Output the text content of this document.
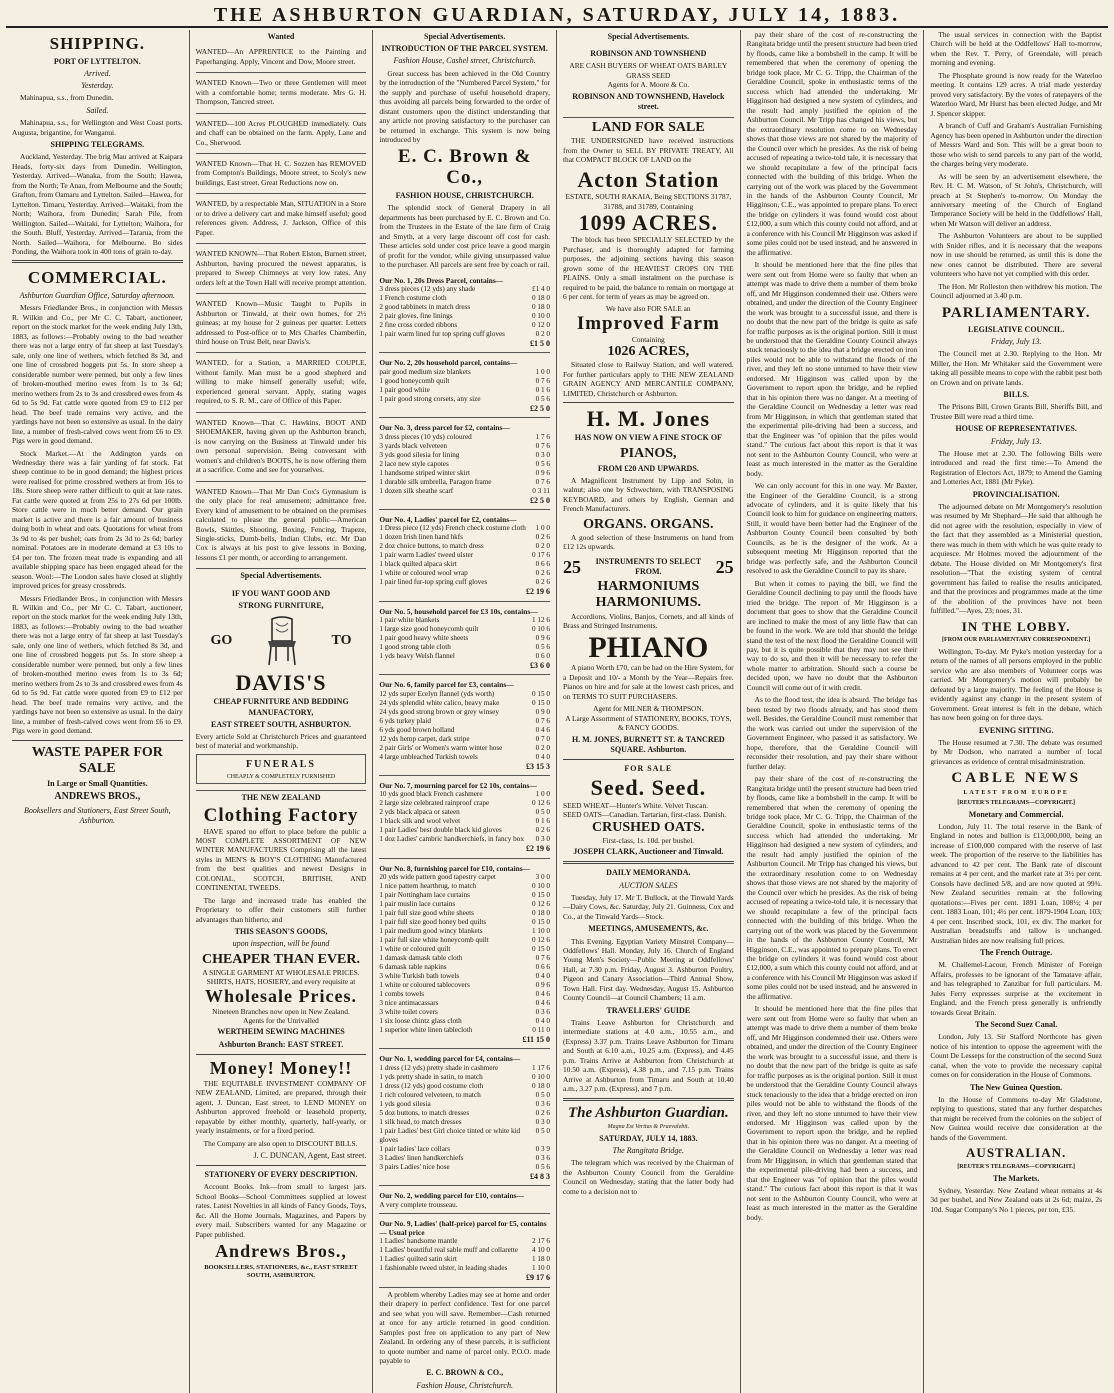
THE ASHBURTON GUARDIAN, SATURDAY, JULY 14, 1883.
SHIPPING.
PORT OF LYTTELTON.
Arrived.
Yesterday.

Mahinapua, s.s., from Dunedin.

Sailed.

Mahinapua, s.s., for Wellington and West Coast ports. Augusta, brigantine, for Wanganui.

SHIPPING TELEGRAMS.

Auckland, Yesterday. The brig Mau arrived at Kaipara Heads, forty-six days from Dunedin. Wellington, Yesterday. Arrived—Wanaka, from the South; Hawea, from the North; Te Anau, from Melbourne and the South; Grafton, from Oamaru and Lyttelton. Sailed—Hawea, for Lyttelton. Timaru, Yesterday. Arrived—Waitaki, from the North; Waihora, from Dunedin; Sarah Pile, from Wellington. Sailed—Waitaki, for Lyttelton; Waihora, for the South. Bluff, Yesterday. Arrived—Tararua, from the North. Sailed—Waihora, for Melbourne. Bo sides Ponding, the Waihora took in 400 tons of grain to-day.

COMMERCIAL.
Ashburton Guardian Office, Saturday afternoon.

Messrs Friedlander Bros., in conjunction with Messrs R. Wilkin and Co., per Mr C. C. Tabart, auctioneer, report on the stock market for the week ending July 13th, 1883, as follows:—Probably owing to the bad weather there was not a large entry of fat sheep at last Tuesday's sale, only one line of wethers, which fetched 8s 3d, and one line of crossbred hoggets put 5s. In store sheep a considerable number were penned, but only a few lines of broken-mouthed merino ewes from 1s to 3s 6d; merino wethers from 2s to 3s and crossbred ewes from 4s 6d to 5s 9d. Fat cattle were quoted from £9 to £12 per head. The beef trade remains very active, and the yardings have not been so extensive as usual. In the dairy line, a number of fresh-calved cows went from £6 to £9. Pigs were in good demand.

Stock Market.—At the Addington yards on Wednesday there was a fair yarding of fat stock. Fat sheep continue to be in good demand; the highest prices were realised for prime crossbred wethers at from 16s to 18s. Store sheep were rather difficult to quit at late rates. Fat cattle were quoted at from 25s to 27s 6d per 100lb. Store cattle were in much better demand. Our grain market is active and there is a fair amount of business doing both in wheat and oats. Quotations for wheat from 3s 9d to 4s per bushel; oats from 2s 3d to 2s 6d; barley nominal. Potatoes are in moderate demand at £3 10s to £4 per ton. The frozen meat trade is expanding and all available shipping space has been engaged ahead for the season. Wool:—The London sales have closed at slightly improved prices for greasy crossbreds.

Messrs Friedlander Bros., in conjunction with Messrs R. Wilkin and Co., per Mr C. C. Tabart, auctioneer, report on the stock market for the week ending July 13th, 1883, as follows:—Probably owing to the bad weather there was not a large entry of fat sheep at last Tuesday's sale, only one line of wethers, which fetched 8s 3d, and one line of crossbred hoggets put 5s. In store sheep a considerable number were penned, but only a few lines of broken-mouthed merino ewes from 1s to 3s 6d; merino wethers from 2s to 3s and crossbred ewes from 4s 6d to 5s 9d. Fat cattle were quoted from £9 to £12 per head. The beef trade remains very active, and the yardings have not been so extensive as usual. In the dairy line, a number of fresh-calved cows went from £6 to £9. Pigs were in good demand.

WASTE PAPER FOR SALE
In Large or Small Quantities.
ANDREWS BROS.,
Booksellers and Stationers, East Street South, Ashburton.
Wanted

WANTED—An APPRENTICE to the Painting and Paperhanging. Apply, Vincent and Dow, Moore street.

WANTED Known—Two or three Gentlemen will meet with a comfortable home; terms moderate. Mrs G. H. Thompson, Tancred street.

WANTED—100 Acres PLOUGHED immediately. Oats and chaff can be obtained on the farm. Apply, Lane and Co., Sherwood.

WANTED Known—That H. C. Sozzen has REMOVED from Compton's Buildings, Moore street, to Scoly's new buildings, East street. Great Reductions now on.

WANTED, by a respectable Man, SITUATION in a Store or to drive a delivery cart and make himself useful; good references given. Address, J. Jackson, Office of this Paper.

WANTED KNOWN—That Robert Elston, Burnett street, Ashburton, having procured the newest apparatus, is prepared to Sweep Chimneys at very low rates. Any orders left at the Town Hall will receive prompt attention.

WANTED Known—Music Taught to Pupils in Ashburton or Tinwald, at their own homes, for 2½ guineas; at my house for 2 guineas per quarter. Letters addressed to Post-office or to Mrs Charles Chamberlin, third house on Trust Belt, near Davis's.

WANTED, for a Station, a MARRIED COUPLE, without family. Man must be a good shepherd and willing to make himself generally useful; wife, experienced general servant. Apply, stating wages required, to S. R. M., care of Office of this Paper.

WANTED Known—That C. Hawkins, BOOT AND SHOEMAKER, having given up the Ashburton branch, is now carrying on the Business at Tinwald under his own personal supervision. Being conversant with women's and children's BOOTS, he is now offering them at a sacrifice. Come and see for yourselves.

WANTED Known—That Mr Dan Cox's Gymnasium is the only place for real amusement; admittance free. Every kind of amusement to be obtained on the premises calculated to please the general public—American Bowls, Skittles, Shooting, Boxing, Fencing, Trapeze, Single-sticks, Dumb-bells, Indian Clubs, etc. Mr Dan Cox is always at his post to give lessons in Boxing, lessons £1 per month, or according to arrangement.

Special Advertisements.
IF YOU WANT GOOD AND
STRONG FURNITURE,
GO	TO
DAVIS'S
CHEAP FURNITURE AND BEDDING MANUFACTORY,
EAST STREET SOUTH, ASHBURTON.

Every article Sold at Christchurch Prices and guaranteed best of material and workmanship.

FUNERALS
CHEAPLY & COMPLETELY FURNISHED
THE NEW ZEALAND
Clothing Factory

HAVE spared no effort to place before the public a MOST COMPLETE ASSORTMENT OF NEW WINTER MANUFACTURES Comprising all the latest styles in MEN'S & BOY'S CLOTHING Manufactured from the best qualities and newest Designs in COLONIAL, SCOTCH, BRITISH, AND CONTINENTAL TWEEDS.

The large and increased trade has enabled the Proprietary to offer their customers still further advantages than hitherto, and

THIS SEASON'S GOODS,
upon inspection, will be found
CHEAPER THAN EVER.
A SINGLE GARMENT AT WHOLESALE PRICES. SHIRTS, HATS, HOSIERY, and every requisite at
Wholesale Prices.
Nineteen Branches now open in New Zealand.
Agents for the Unrivalled
WERTHEIM SEWING MACHINES
Ashburton Branch: EAST STREET.
Money! Money!!

THE EQUITABLE INVESTMENT COMPANY OF NEW ZEALAND, Limited, are prepared, through their agent, J. Duncan, East street, to LEND MONEY on Ashburton approved freehold or leasehold property, repayable by either monthly, quarterly, half-yearly, or yearly instalments, or for a fixed period.

The Company are also open to DISCOUNT BILLS.

J. C. DUNCAN, Agent, East street.
STATIONERY OF EVERY DESCRIPTION.

Account Books. Ink—from small to largest jars. School Books—School Committees supplied at lowest rates. Latest Novelties in all kinds of Fancy Goods, Toys, &c. All the Home Journals, Magazines, and Papers by every mail. Subscribers wanted for any Magazine or Paper published.

Andrews Bros.,
BOOKSELLERS, STATIONERS, &c., EAST STREET SOUTH, ASHBURTON.
Special Advertisements.
INTRODUCTION OF THE PARCEL SYSTEM.
Fashion House, Cashel street, Christchurch.

Great success has been achieved in the Old Country by the introduction of the "Numbered Parcel System," for the supply and purchase of useful household drapery, thus avoiding all parcels being forwarded to the order of distant customers upon the distinct understanding that any article not proving satisfactory to the purchaser can be returned in exchange. This system is now being introduced by

E. C. Brown & Co.,
FASHION HOUSE, CHRISTCHURCH.

The splendid stock of General Drapery in all departments has been purchased by E. C. Brown and Co. from the Trustees in the Estate of the late firm of Craig and Smyth, at a very large discount off cost for cash. These articles sold under cost price leave a good margin of profit for the vendor, while giving unsurpassed value to the purchaser. All parcels are sent free by coach or rail.

Our No. 1, 20s Dress Parcel, contains—
3 dress pieces (12 yds) any shade	£1 4 0
1 French costume cloth	0 18 0
2 good tabbinets in match dress	0 18 0
2 pair gloves, fine linings	0 10 0
2 fine cross corded ribbons	0 12 0
1 pair warm lined fur top spring cuff gloves	0 2 0
£1 5 0
Our No. 2, 20s household parcel, contains—
pair good medium size blankets	1 0 0
1 good honeycomb quilt	0 7 6
1 pair good white	0 1 6
1 pair good strong corsets, any size	0 5 6
£2 5 0
Our No. 3, dress parcel for £2, contains—
3 dress pieces (10 yds) coloured	1 7 6
3 yards black velveteen	0 7 6
3 yds good silesia for lining	0 3 0
2 lace new style capotes	0 5 6
1 handsome striped winter skirt	0 9 6
1 durable silk umbrella, Paragon frame	0 7 6
1 dozen silk sheathe scarf	0 3 11
£2 5 0
Our No. 4, Ladies' parcel for £2, contains—
1 Dress piece (12 yds) French check costume cloth 1 0 0
1 dozen Irish linen hand hkfs	0 2 6
2 doz choice buttons, to match dress	0 2 0
1 pair warm Ladies' tweed ulster	0 17 6
1 black quilted alpaca skirt	0 6 6
1 white or coloured wool wrap	0 2 6
1 pair lined fur-top spring cuff gloves	0 2 6
£2 19 6
Our No. 5, household parcel for £3 10s, contains—
1 pair white blankets	1 12 6
1 large size good honeycomb quilt	0 10 6
1 pair good heavy white sheets	0 9 6
1 good strong table cloth	0 5 6
1 yds heavy Welsh flannel	0 6 0
£3 6 0
Our No. 6, family parcel for £3, contains—
12 yds super Ecelyn flannel (yds worth)	0 15 0
24 yds splendid white calico, heavy make	0 15 0
24 yds good strong brown or grey winsey	0 9 0
6 yds turkey plaid	0 7 6
6 yds good brown holland	0 4 6
12 yds hemp carpet, dark stripe	0 7 0
2 pair Girls' or Women's warm winter hose	0 2 0
4 large unbleached Turkish towels	0 4 0
£3 15 3
Our No. 7, mourning parcel for £2 10s, contains—
10 yds good black French cashmere	1 0 0
2 large size celebrated rainproof crape	0 12 6
2 yds black alpaca or sateen	0 5 0
1 black silk and wool velvet	0 1 6
1 pair Ladies' best double black kid gloves	0 2 6
1 doz Ladies' cambric handkerchiefs, in fancy box 0 3 0
£2 19 6
Our No. 8, furnishing parcel for £10, contains—
20 yds wide pattern good tapestry carpet	3 0 0
1 nice pattern hearthrug, to match	0 10 0
1 pair Nottingham lace curtains	0 15 0
1 pair muslin lace curtains	0 12 6
1 pair full size good white sheets	0 18 0
1 pair full size good honey bed quilts	0 15 0
1 pair medium good wincy blankets	1 10 0
1 pair full size white honeycomb quilt	0 12 6
1 white or coloured quilt	0 15 0
1 damask damask table cloth	0 7 6
6 damask table napkins	0 6 6
3 white Turkish bath towels	0 4 0
1 white or coloured tablecovers	0 9 6
1 combs towels	0 4 6
3 nice antimacassars	0 4 6
3 white toilet covers	0 3 6
1 six loose chintz glass cloth	0 4 0
1 superior white linen tablecloth	0 11 0
£11 15 0
Our No. 1, wedding parcel for £4, contains—
1 dress (12 yds) pretty shade in cashmere	1 17 6
1 yds pretty shade in satin, to match	0 10 0
1 dress (12 yds) good costume cloth	0 18 0
1 rich coloured velveteen, to match	0 5 0
1 yds good silesia	0 3 6
5 doz buttons, to match dresses	0 2 6
1 silk head, to match dresses	0 3 0
1 pair Ladies' best Girl choice tinted or white kid gloves
0 5 0
1 pair ladies' lace collars	0 3 9
3 Ladies' linen handkerchiefs	0 3 6
3 pairs Ladies' nice hose	0 5 6
£4 8 3
Our No. 2, wedding parcel for £10, contains—
A very complete trousseau.
Our No. 9, Ladies' (half-price) parcel for £5, contains— Usual price
1 Ladies' handsome mantle	2 17 6
1 Ladies' beautiful real sable muff and collarette 4 10 0
1 Ladies' quilted satin skirt	1 18 0
1 fashionable tweed ulster, in leading shades	1 10 0
£9 17 6

A problem whereby Ladies may see at home and order their drapery in perfect confidence. Test for one parcel and see what you will save. Remember—Cash returned at once for any article returned in good condition. Samples post free on application to any part of New Zealand. In ordering any of these parcels, it is sufficient to quote number and name of parcel only. P.O.O. made payable to

E. C. BROWN & CO.,
Fashion House, Christchurch.
Special Advertisements.
ROBINSON AND TOWNSHEND
ARE CASH BUYERS OF WHEAT OATS BARLEY GRASS SEED
Agents for A. Moore & Co.
ROBINSON AND TOWNSHEND, Havelock street.
LAND FOR SALE

THE UNDERSIGNED have received instructions from the Owner to SELL BY PRIVATE TREATY, All that COMPACT BLOCK OF LAND on the

Acton Station
ESTATE, SOUTH RAKAIA, Being SECTIONS 31787, 31788, and 31789, Containing
1099 ACRES.

The block has been SPECIALLY SELECTED by the Purchaser, and is thoroughly adapted for farming purposes, the adjoining sections having this season grown some of the HEAVIEST CROPS ON THE PLAINS. Only a small instalment on the purchase is required to be paid, the balance to remain on mortgage at 6 per cent. for term of years as may be agreed on.

We have also FOR SALE an
Improved Farm
Containing
1026 ACRES,

Situated close to Railway Station, and well watered. For further particulars apply to THE NEW ZEALAND GRAIN AGENCY AND MERCANTILE COMPANY, LIMITED, Christchurch or Ashburton.

H. M. Jones
HAS NOW ON VIEW A FINE STOCK OF
PIANOS,
FROM £20 AND UPWARDS.

A Magnificent Instrument by Lipp and Sohn, in walnut; also one by Schwechten, with TRANSPOSING KEYBOARD, and others by English, German and French Manufacturers.

ORGANS. ORGANS.

A good selection of these Instruments on hand from £12 12s upwards.

25	INSTRUMENTS TO SELECT FROM.	25
HARMONIUMS HARMONIUMS.

Accordions, Violins, Banjos, Cornets, and all kinds of Brass and Stringed Instruments.

PHIANO

A piano Worth £70, can be had on the Hire System, for a Deposit and 10/- a Month by the Year—Repairs free. Pianos on hire and for sale at the lowest cash prices, and on TERMS TO SUIT PURCHASERS.

Agent for MILNER & THOMPSON.
A Large Assortment of STATIONERY, BOOKS, TOYS, & FANCY GOODS.
H. M. JONES, BURNETT ST. & TANCRED SQUARE. Ashburton.
FOR SALE
Seed. Seed.
SEED WHEAT—Hunter's White. Velvet Tuscan.
SEED OATS—Canadian. Tartarian, first-class. Danish.
CRUSHED OATS.
First-class, 1s. 10d. per bushel.
JOSEPH CLARK, Auctioneer and Tinwald.
DAILY MEMORANDA.
AUCTION SALES

Tuesday, July 17. Mr T. Bullock, at the Tinwald Yards—Dairy Cows, &c. Saturday, July 21. Guinness, Cox and Co., at the Tinwald Yards—Stock.

MEETINGS, AMUSEMENTS, &c.

This Evening. Egyptian Variety Minstrel Company—Oddfellows' Hall. Monday, July 16. Church of England Young Men's Society—Public Meeting at Oddfellows' Hall, at 7.30 p.m. Friday, August 3. Ashburton Poultry, Pigeon and Canary Association—Third Annual Show, Town Hall. First day. Wednesday, August 15. Ashburton County Council—at Council Chambers; 11 a.m.

TRAVELLERS' GUIDE

Trains Leave Ashburton for Christchurch and intermediate stations at 4.0 a.m., 10.55 a.m., and (Express) 3.37 p.m. Trains Leave Ashburton for Timaru and South at 6.10 a.m., 10.25 a.m. (Express), and 4.45 p.m. Trains Arrive at Ashburton from Christchurch at 10.50 a.m. (Express), 4.38 p.m., and 7.15 p.m. Trains Arrive at Ashburton from Timaru and South at 10.40 a.m., 3.27 p.m. (Express), and 7 p.m.

The Ashburton Guardian.
Magna Est Veritas & Praevalebit.
SATURDAY, JULY 14, 1883.
The Rangitata Bridge.

The telegram which was received by the Chairman of the Ashburton County Council from the Geraldine Council on Wednesday, stating that the latter body had come to a decision not to

pay their share of the cost of re-constructing the Rangitata bridge until the present structure had been tried by floods, came like a bombshell in the camp. It will be remembered that when the ceremony of opening the bridge took place, Mr C. G. Tripp, the Chairman of the Geraldine Council, spoke in enthusiastic terms of the success which had attended the undertaking. Mr Higginson had designed a new system of cylinders, and the result had amply justified the opinion of the Ashburton Council. Mr Tripp has changed his views, but the extraordinary resolution come to on Wednesday shows that those views are not shared by the majority of the Council over which he presides. As the risk of being accused of repeating a twice-told tale, it is necessary that we should recapitulate a few of the principal facts connected with the building of this bridge. When the carrying out of the work was placed by the Government in the hands of the Ashburton County Council, Mr Higginson, C.E., was appointed to prepare plans. To erect the bridge on cylinders it was found would cost about £12,000, a sum which this county could not afford, and at a conference with his Council Mr Higginson was asked if some piles could not be used instead, and he answered in the affirmative.

It should be mentioned here that the fine piles that were sent out from Home were so faulty that when an attempt was made to drive them a number of them broke off, and Mr Higginson condemned their use. Others were obtained, and under the direction of the County Engineer the work was brought to a successful issue, and there is no doubt that the new part of the bridge is quite as safe for traffic purposes as is the original portion. Still it must be understood that the Geraldine County Council always stuck tenaciously to the idea that a bridge erected on iron piles would not be able to withstand the floods of the river, and they left no stone unturned to have their view endorsed. Mr Higginson was called upon by the Government to report upon the bridge, and he replied that in his opinion there was no danger. At a meeting of the Geraldine Council on Wednesday a letter was read from Mr Higginson, in which that gentleman stated that the experimental pile-driving had been a success, and that the Engineer was "of opinion that the piles would stand." The curious fact about this report is that it was not sent to the Ashburton County Council, who were at least as much interested in the matter as the Geraldine body.

We can only account for this in one way. Mr Baxter, the Engineer of the Geraldine Council, is a strong advocate of cylinders, and it is quite likely that his Council look to him for guidance on engineering matters. Still, it would have been better had the Engineer of the Ashburton County Council been consulted by both Councils, as he is the designer of the work. At a subsequent meeting Mr Higginson reported that the bridge was perfectly safe, and the Ashburton Council resolved to ask the Geraldine Council to pay its share.

But when it comes to paying the bill, we find the Geraldine Council declining to pay until the floods have tried the bridge. The report of Mr Higginson is a document that goes to show that the Geraldine Council are inclined to make the most of any little flaw that can be found in the work. We are told that should the bridge stand the test of the next flood the Geraldine Council will pay, but it is quite possible that they may not see their way to do so, and then it will be necessary to refer the whole matter to arbitration. Should such a course be decided upon, we have no doubt that the Ashburton Council will come out of it with credit.

As to the flood test, the idea is absurd. The bridge has been tested by two floods already, and has stood them well. Besides, the Geraldine Council must remember that the work was carried out under the supervision of the Government Engineer, who passed it as satisfactory. We hope, therefore, that the Geraldine Council will reconsider their resolution, and pay their share without further delay.

pay their share of the cost of re-constructing the Rangitata bridge until the present structure had been tried by floods, came like a bombshell in the camp. It will be remembered that when the ceremony of opening the bridge took place, Mr C. G. Tripp, the Chairman of the Geraldine Council, spoke in enthusiastic terms of the success which had attended the undertaking. Mr Higginson had designed a new system of cylinders, and the result had amply justified the opinion of the Ashburton Council. Mr Tripp has changed his views, but the extraordinary resolution come to on Wednesday shows that those views are not shared by the majority of the Council over which he presides. As the risk of being accused of repeating a twice-told tale, it is necessary that we should recapitulate a few of the principal facts connected with the building of this bridge. When the carrying out of the work was placed by the Government in the hands of the Ashburton County Council, Mr Higginson, C.E., was appointed to prepare plans. To erect the bridge on cylinders it was found would cost about £12,000, a sum which this county could not afford, and at a conference with his Council Mr Higginson was asked if some piles could not be used instead, and he answered in the affirmative.

It should be mentioned here that the fine piles that were sent out from Home were so faulty that when an attempt was made to drive them a number of them broke off, and Mr Higginson condemned their use. Others were obtained, and under the direction of the County Engineer the work was brought to a successful issue, and there is no doubt that the new part of the bridge is quite as safe for traffic purposes as is the original portion. Still it must be understood that the Geraldine County Council always stuck tenaciously to the idea that a bridge erected on iron piles would not be able to withstand the floods of the river, and they left no stone unturned to have their view endorsed. Mr Higginson was called upon by the Government to report upon the bridge, and he replied that in his opinion there was no danger. At a meeting of the Geraldine Council on Wednesday a letter was read from Mr Higginson, in which that gentleman stated that the experimental pile-driving had been a success, and that the Engineer was "of opinion that the piles would stand." The curious fact about this report is that it was not sent to the Ashburton County Council, who were at least as much interested in the matter as the Geraldine body.

The usual services in connection with the Baptist Church will be held at the Oddfellows' Hall to-morrow, when the Rev. T. Perry, of Greendale, will preach morning and evening.

The Phosphate ground is now ready for the Waterloo meeting. It contains 129 acres. A trial made yesterday proved very satisfactory. By the votes of ratepayers of the Waterloo Ward, Mr Hurst has been elected Judge, and Mr J. Spencer skipper.

A branch of Cuff and Graham's Australian Furnishing Agency has been opened in Ashburton under the direction of Messrs Ward and Son. This will be a great boon to those who wish to send parcels to any part of the world, the charges being very moderate.

As will be seen by an advertisement elsewhere, the Rev. H. C. M. Watson, of St John's, Christchurch, will preach at St Stephen's to-morrow. On Monday the anniversary meeting of the Church of England Temperance Society will be held in the Oddfellows' Hall, when Mr Watson will deliver an address.

The Ashburton Volunteers are about to be supplied with Snider rifles, and it is necessary that the weapons now in use should be returned, as until this is done the new ones cannot be distributed. There are several volunteers who have not yet complied with this order.

The Hon. Mr Rolleston then withdrew his motion. The Council adjourned at 3.40 p.m.

PARLIAMENTARY.
LEGISLATIVE COUNCIL.
Friday, July 13.

The Council met at 2.30. Replying to the Hon. Mr Miller, the Hon. Mr Whitaker said the Government were taking all possible means to cope with the rabbit pest both on Crown and on private lands.

BILLS.

The Prisons Bill, Crown Grants Bill, Sheriffs Bill, and Trustee Bill were read a third time.

HOUSE OF REPRESENTATIVES.
Friday, July 13.

The House met at 2.30. The following Bills were introduced and read the first time:—To Amend the Registration of Electors Act, 1879; to Amend the Gaming and Lotteries Act, 1881 (Mr Pyke).

PROVINCIALISATION.

The adjourned debate on Mr Montgomery's resolution was resumed by Mr Shephard—He said that although he did not agree with the resolution, especially in view of the fact that they assembled as a Ministerial question, there was much in them with which he was quite ready to acquiesce. Mr Holmes moved the adjournment of the debate. The House divided on Mr Montgomery's first resolution—"That the existing system of central government has failed to realise the results anticipated, and that the provinces and programmes made at the time of the abolition of the provinces have not been fulfilled."—Ayes, 23; noes, 31.

IN THE LOBBY.
[FROM OUR PARLIAMENTARY CORRESPONDENT.]

Wellington, To-day. Mr Pyke's motion yesterday for a return of the names of all persons employed in the public service who are also members of Volunteer corps was carried. Mr Montgomery's motion will probably be defeated by a large majority. The feeling of the House is evidently against any change in the present system of Government. Great interest is felt in the debate, which has now been going on for three days.

EVENING SITTING.

The House resumed at 7.30. The debate was resumed by Mr Dodson, who narrated a number of local grievances as evidence of central misadministration.

CABLE NEWS
LATEST FROM EUROPE
[REUTER'S TELEGRAMS—COPYRIGHT.]
Monetary and Commercial.

London, July 11. The total reserve in the Bank of England in notes and bullion is £13,000,000, being an increase of £100,000 compared with the reserve of last week. The proportion of the reserve to the liabilities has advanced to 42 per cent. The Bank rate of discount remains at 4 per cent, and the market rate at 3½ per cent. Consols have declined 5/8, and are now quoted at 99¾. New Zealand securities remain at the following quotations:—Fives per cent. 1891 Loan, 108½; 4 per cent. 1883 Loan, 101; 4½ per cent. 1879-1904 Loan, 103; 4 per cent. Inscribed stock, 101, ex div. The market for Australian breadstuffs and tallow is unchanged. Australian hides are now realising full prices.

The French Outrage.

M. Challemel-Lacour, French Minister of Foreign Affairs, professes to be ignorant of the Tamatave affair, and has telegraphed to Zanzibar for full particulars. M. Jules Ferry expresses surprise at the excitement in England, and the French press generally is unfriendly towards Great Britain.

The Second Suez Canal.

London, July 13. Sir Stafford Northcote has given notice of his intention to oppose the agreement with the Count De Lesseps for the construction of the second Suez canal, when the vote to provide the necessary capital comes on for consideration in the House of Commons.

The New Guinea Question.

In the House of Commons to-day Mr Gladstone, replying to questions, stated that any further despatches that might be received from the colonies on the subject of New Guinea would receive due consideration at the hands of the Government.

AUSTRALIAN.
[REUTER'S TELEGRAMS—COPYRIGHT.]
The Markets.

Sydney, Yesterday. New Zealand wheat remains at 4s 3d per bushel, and New Zealand oats at 2s 6d; maize, 2s 10d. Sugar Company's No 1 pieces, per ton, £35.
